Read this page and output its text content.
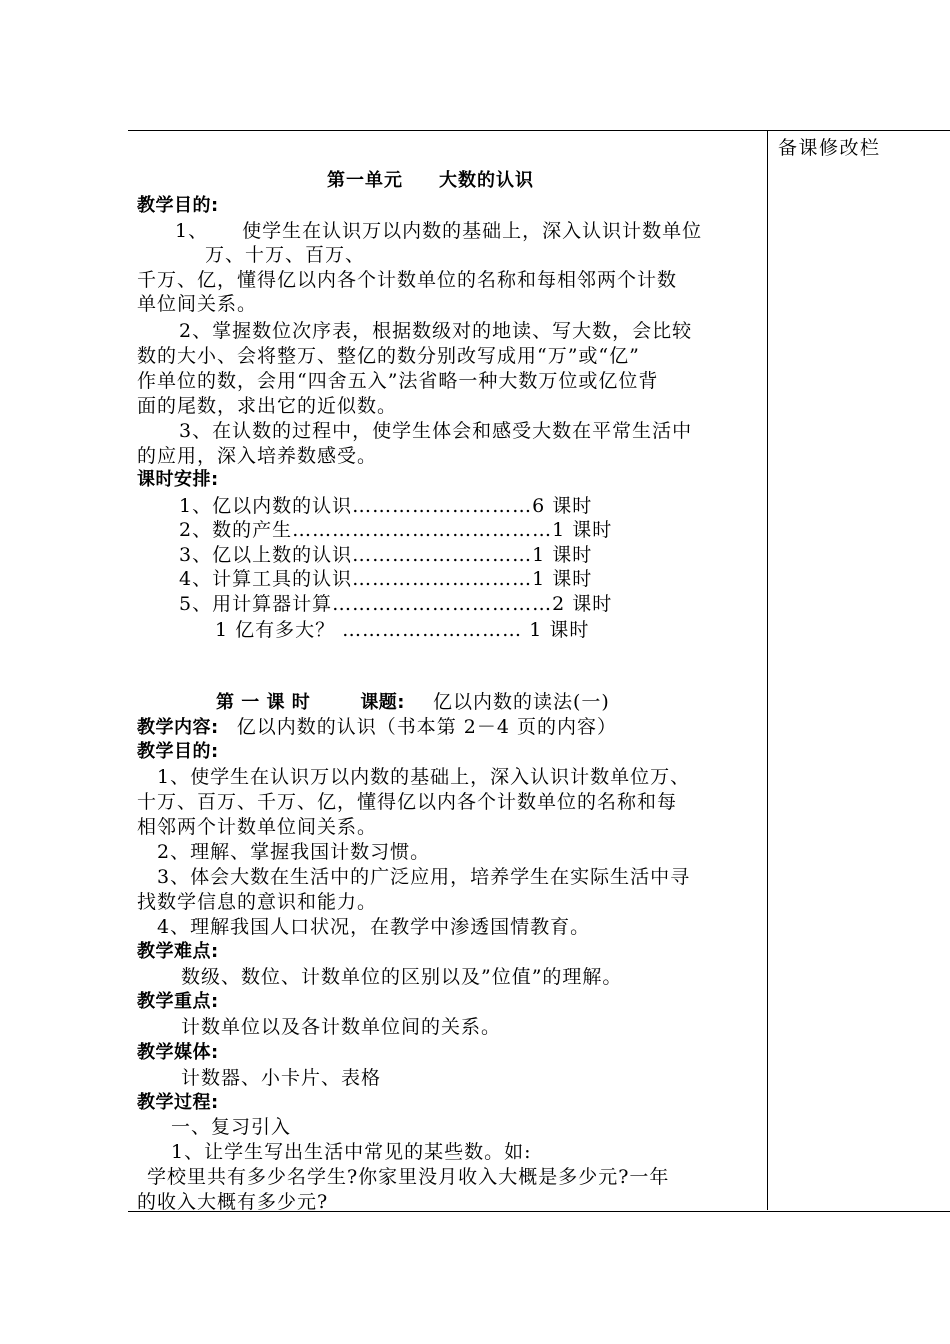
备课修改栏
第一单元 大数的认识
教学目的:
1、 使学生在认识万以内数的基础上，深入认识计数单位
万、十万、百万、
千万、亿，懂得亿以内各个计数单位的名称和每相邻两个计数
单位间关系。
2、掌握数位次序表，根据数级对的地读、写大数，会比较
数的大小、会将整万、整亿的数分别改写成用“万”或“亿”
作单位的数，会用“四舍五入”法省略一种大数万位或亿位背
面的尾数，求出它的近似数。
3、在认数的过程中，使学生体会和感受大数在平常生活中
的应用，深入培养数感受。
课时安排:
1、亿以内数的认识………………………6 课时
2、数的产生…………………………………1 课时
3、亿以上数的认识………………………1 课时
4、计算工具的认识………………………1 课时
5、用计算器计算……………………………2 课时
1 亿有多大？ ……………………… 1 课时
第 一 课 时	课题: 亿以内数的读法(一)
教学内容: 亿以内数的认识（书本第 2－4 页的内容）
教学目的:
1、使学生在认识万以内数的基础上，深入认识计数单位万、
十万、百万、千万、亿，懂得亿以内各个计数单位的名称和每
相邻两个计数单位间关系。
2、理解、掌握我国计数习惯。
3、体会大数在生活中的广泛应用，培养学生在实际生活中寻
找数学信息的意识和能力。
4、理解我国人口状况，在教学中渗透国情教育。
教学难点:
数级、数位、计数单位的区别以及”位值”的理解。
教学重点:
计数单位以及各计数单位间的关系。
教学媒体:
计数器、小卡片、表格
教学过程:
一、复习引入
1、让学生写出生活中常见的某些数。如:
学校里共有多少名学生?你家里没月收入大概是多少元?一年
的收入大概有多少元?
